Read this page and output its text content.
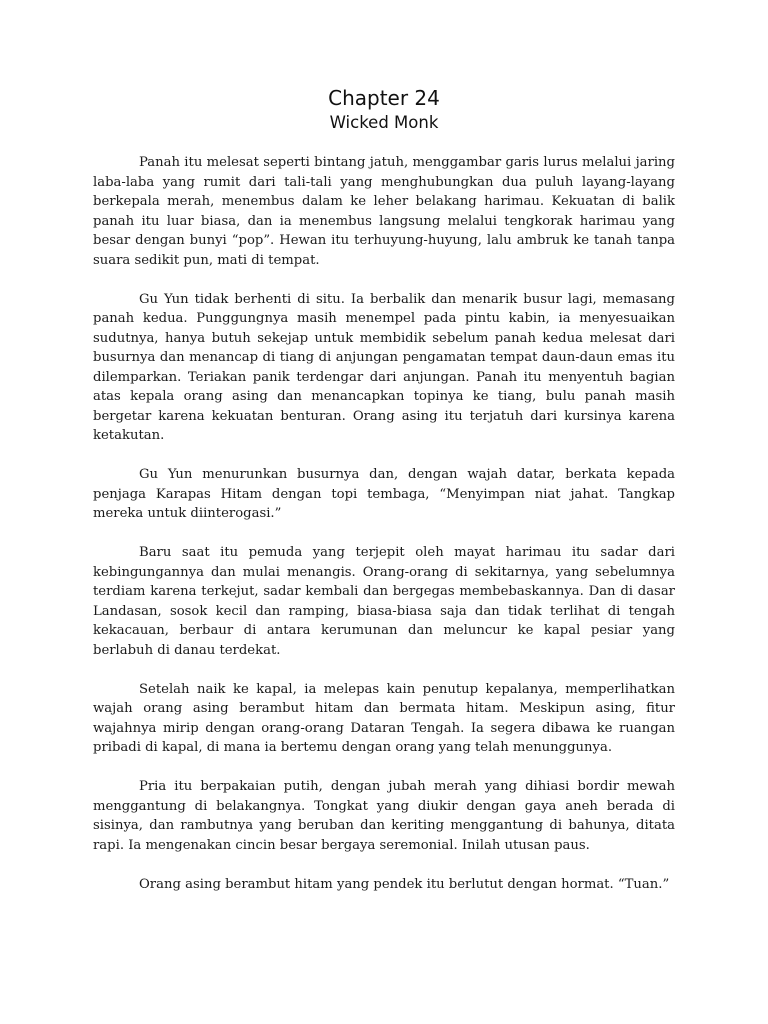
Chapter 24
Wicked Monk

Panah itu melesat seperti bintang jatuh, menggambar garis lurus melalui jaring laba-laba yang rumit dari tali-tali yang menghubungkan dua puluh layang-layang berkepala merah, menembus dalam ke leher belakang harimau. Kekuatan di balik panah itu luar biasa, dan ia menembus langsung melalui tengkorak harimau yang besar dengan bunyi “pop”. Hewan itu terhuyung-huyung, lalu ambruk ke tanah tanpa suara sedikit pun, mati di tempat.

Gu Yun tidak berhenti di situ. Ia berbalik dan menarik busur lagi, memasang panah kedua. Punggungnya masih menempel pada pintu kabin, ia menyesuaikan sudutnya, hanya butuh sekejap untuk membidik sebelum panah kedua melesat dari busurnya dan menancap di tiang di anjungan pengamatan tempat daun-daun emas itu dilemparkan. Teriakan panik terdengar dari anjungan. Panah itu menyentuh bagian atas kepala orang asing dan menancapkan topinya ke tiang, bulu panah masih bergetar karena kekuatan benturan. Orang asing itu terjatuh dari kursinya karena ketakutan.

Gu Yun menurunkan busurnya dan, dengan wajah datar, berkata kepada penjaga Karapas Hitam dengan topi tembaga, “Menyimpan niat jahat. Tangkap mereka untuk diinterogasi.”

Baru saat itu pemuda yang terjepit oleh mayat harimau itu sadar dari kebingungannya dan mulai menangis. Orang-orang di sekitarnya, yang sebelumnya terdiam karena terkejut, sadar kembali dan bergegas membebaskannya. Dan di dasar Landasan, sosok kecil dan ramping, biasa-biasa saja dan tidak terlihat di tengah kekacauan, berbaur di antara kerumunan dan meluncur ke kapal pesiar yang berlabuh di danau terdekat.

Setelah naik ke kapal, ia melepas kain penutup kepalanya, memperlihatkan wajah orang asing berambut hitam dan bermata hitam. Meskipun asing, fitur wajahnya mirip dengan orang-orang Dataran Tengah. Ia segera dibawa ke ruangan pribadi di kapal, di mana ia bertemu dengan orang yang telah menunggunya.

Pria itu berpakaian putih, dengan jubah merah yang dihiasi bordir mewah menggantung di belakangnya. Tongkat yang diukir dengan gaya aneh berada di sisinya, dan rambutnya yang beruban dan keriting menggantung di bahunya, ditata rapi. Ia mengenakan cincin besar bergaya seremonial. Inilah utusan paus.

Orang asing berambut hitam yang pendek itu berlutut dengan hormat. “Tuan.”
